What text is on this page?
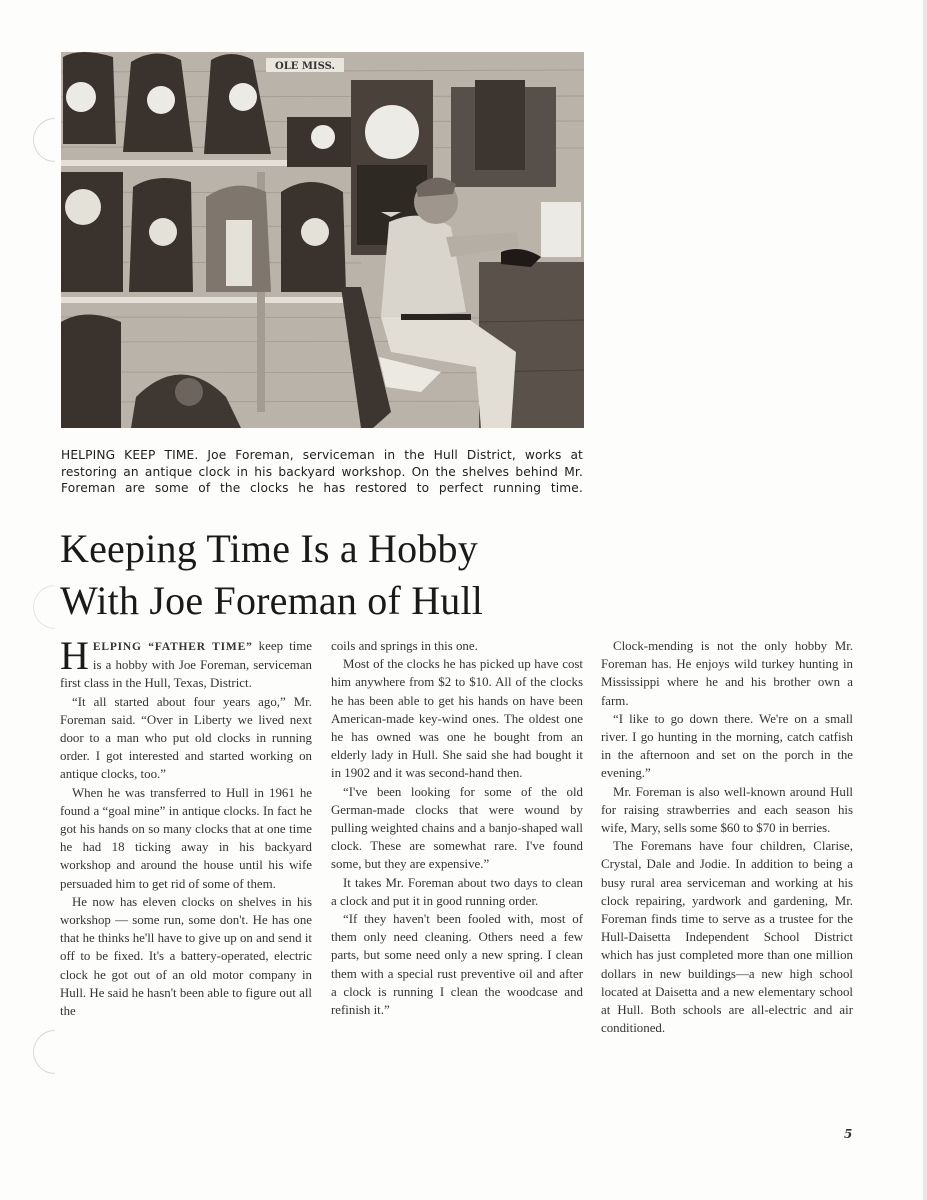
OLE MISS.
HELPING KEEP TIME. Joe Foreman, serviceman in the Hull District, works at restoring an antique clock in his backyard workshop. On the shelves behind Mr. Foreman are some of the clocks he has restored to perfect running time.
Keeping Time Is a Hobby
With Joe Foreman of Hull

HELPING “FATHER TIME” keep time is a hobby with Joe Foreman, serviceman first class in the Hull, Texas, District.

“It all started about four years ago,” Mr. Foreman said. “Over in Liberty we lived next door to a man who put old clocks in running order. I got interested and started working on antique clocks, too.”

When he was transferred to Hull in 1961 he found a “goal mine” in antique clocks. In fact he got his hands on so many clocks that at one time he had 18 ticking away in his backyard workshop and around the house until his wife persuaded him to get rid of some of them.

He now has eleven clocks on shelves in his workshop — some run, some don't. He has one that he thinks he'll have to give up on and send it off to be fixed. It's a battery-operated, electric clock he got out of an old motor company in Hull. He said he hasn't been able to figure out all the

coils and springs in this one.

Most of the clocks he has picked up have cost him anywhere from $2 to $10. All of the clocks he has been able to get his hands on have been American-made key-wind ones. The oldest one he has owned was one he bought from an elderly lady in Hull. She said she had bought it in 1902 and it was second-hand then.

“I've been looking for some of the old German-made clocks that were wound by pulling weighted chains and a banjo-shaped wall clock. These are somewhat rare. I've found some, but they are expensive.”

It takes Mr. Foreman about two days to clean a clock and put it in good running order.

“If they haven't been fooled with, most of them only need cleaning. Others need a few parts, but some need only a new spring. I clean them with a special rust preventive oil and after a clock is running I clean the woodcase and refinish it.”

Clock-mending is not the only hobby Mr. Foreman has. He enjoys wild turkey hunting in Mississippi where he and his brother own a farm.

“I like to go down there. We're on a small river. I go hunting in the morning, catch catfish in the afternoon and set on the porch in the evening.”

Mr. Foreman is also well-known around Hull for raising strawberries and each season his wife, Mary, sells some $60 to $70 in berries.

The Foremans have four children, Clarise, Crystal, Dale and Jodie. In addition to being a busy rural area serviceman and working at his clock repairing, yardwork and gardening, Mr. Foreman finds time to serve as a trustee for the Hull-Daisetta Independent School District which has just completed more than one million dollars in new buildings—a new high school located at Daisetta and a new elementary school at Hull. Both schools are all-electric and air conditioned.

5
